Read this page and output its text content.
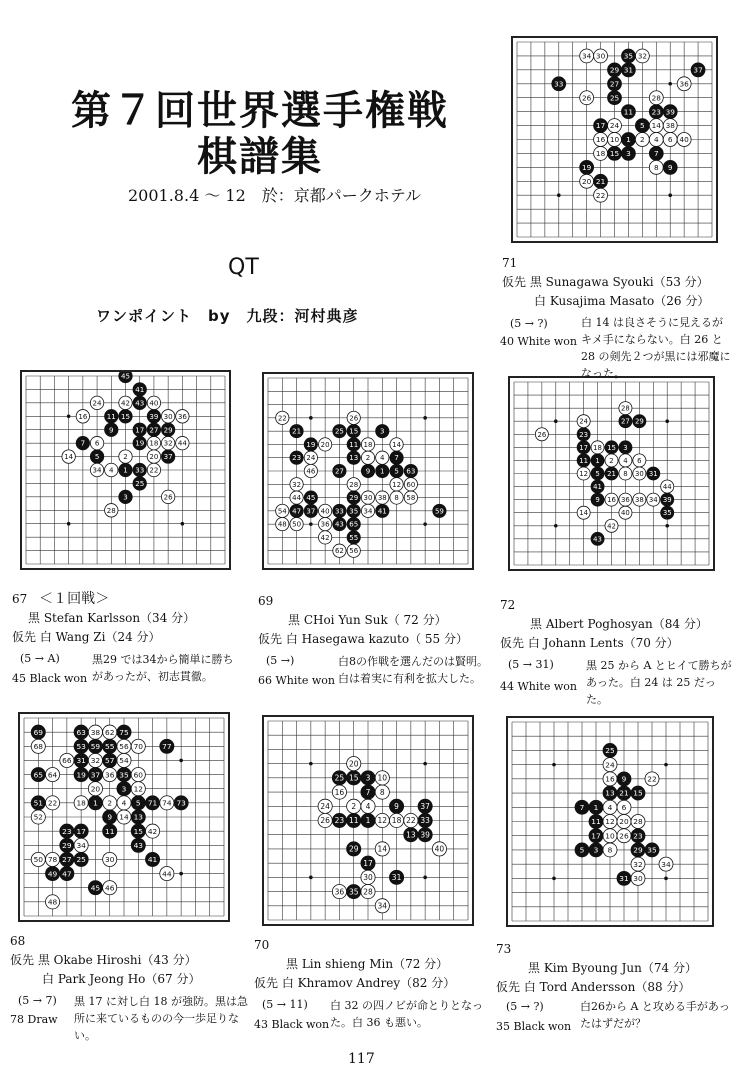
第７回世界選手権戦
棋譜集
2001.8.4 ～ 12　於：京都パークホテル
QT
ワンポイント　by　九段：河村典彦
1 2
3
4
5
6
7
8 9
10
11
14
15
16
17
18
19
20 21
22
23
24
25
26
27
28
29
30
31
32
33
34	35
36
37
38
39
40
1
2
3
4
5
6
7
9
11
14
15
16
17
18
19
20
22
24
25
26
27
28
29
30
32
33
34
36
37
39
40
41
42 43
44
45
1
2
3
4
5
7
8
9
11
12
13
14
15
18
19 20
21
22
23 24
25
26
27
28
29 30
32
33	34
35
36
37
38
40	41
42
43
44 45
46
47
48 50
54
55
56
58
59
60
62
63
65
1 2
3
4
5
6
8
9
11
12
14
15
16
17 18
21
23
24
26
27
28
29
30 31
34
35
36 38	39
40
41
42
43
44
1 2
3
4 5
9
11
12
13
14
15
17
18
19
20
22
23
25
27
29
30
31 32
34
35
36
37
38
41
42
43
44
45 46
47
48
49
50
51
52
53
54
55 56
57
59
60
62
63
64
65
66
68
69
70
71	73
74
75
77
78
1
2
3
4
7 8
9
10
11	12
13
14
15
16
17
18
20
22
23
24
25
26
28
29
30	31
33
34
35
36
37
39
40
1
3
4
5
6
7
8
9
10
11 12
13	15
16
17
20
21
22
23
24
25
26
28
29
30
31
32	34
35
71
仮先 黒 Sunagawa Syouki（53 分）
白 Kusajima Masato（26 分）
(5 → ?)
40 White won
白 14 は良さそうに見えるがキメ手にならない。白 26 と 28 の剣先２つが黒には邪魔になった。
67 ＜１回戦＞
黒 Stefan Karlsson（34 分）
仮先 白 Wang Zi（24 分）
(5 → A)
45 Black won
黒29 では34から簡単に勝ちがあったが、初志貫徹。
69
黒 CHoi Yun Suk（ 72 分）
仮先 白 Hasegawa kazuto（ 55 分）
(5 →)
66 White won
白8の作戦を選んだのは賢明。白は着実に有利を拡大した。
72
黒 Albert Poghosyan（84 分）
仮先 白 Johann Lents（70 分）
(5 → 31)
44 White won
黒 25 から A とヒイて勝ちがあった。白 24 は 25 だった。
68
仮先 黒 Okabe Hiroshi（43 分）
白 Park Jeong Ho（67 分）
(5 → 7)
78 Draw
黒 17 に対し白 18 が強防。黒は急所に来ているものの今一歩足りない。
70
黒 Lin shieng Min（72 分）
仮先 白 Khramov Andrey（82 分）
(5 → 11)
43 Black won
白 32 の四ノビが命とりとなった。白 36 も悪い。
73
黒 Kim Byoung Jun（74 分）
仮先 白 Tord Andersson（88 分）
(5 → ?)
35 Black won
白26から A と攻める手があったはずだが？
117
